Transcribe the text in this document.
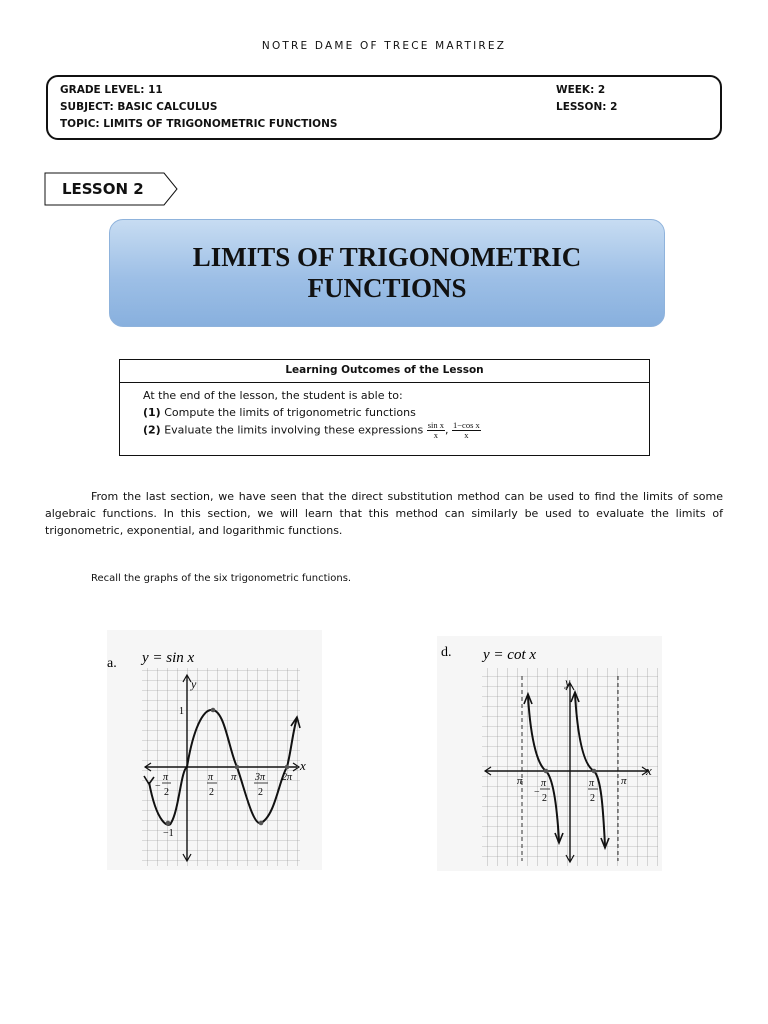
NOTRE DAME OF TRECE MARTIREZ
GRADE LEVEL: 11
SUBJECT: BASIC CALCULUS
TOPIC: LIMITS OF TRIGONOMETRIC FUNCTIONS
WEEK: 2
LESSON: 2
LESSON 2
LIMITS OF TRIGONOMETRIC FUNCTIONS
Learning Outcomes of the Lesson
At the end of the lesson, the student is able to:
(1) Compute the limits of trigonometric functions
(2) Evaluate the limits involving these expressions $\frac{\text{sin x}}{x}$ , $\frac{\text{1−cos x}}{x}$

From the last section, we have seen that the direct substitution method can be used to find the limits of some algebraic functions. In this section, we will learn that this method can similarly be used to evaluate the limits of trigonometric, exponential, and logarithmic functions.

Recall the graphs of the six trigonometric functions.

a. y = sin x
y
x
1
−1
−
π
2
π
2
π 3π
2
2π
d. y = cot x
y
x
π
−
π
2
π
2
π
